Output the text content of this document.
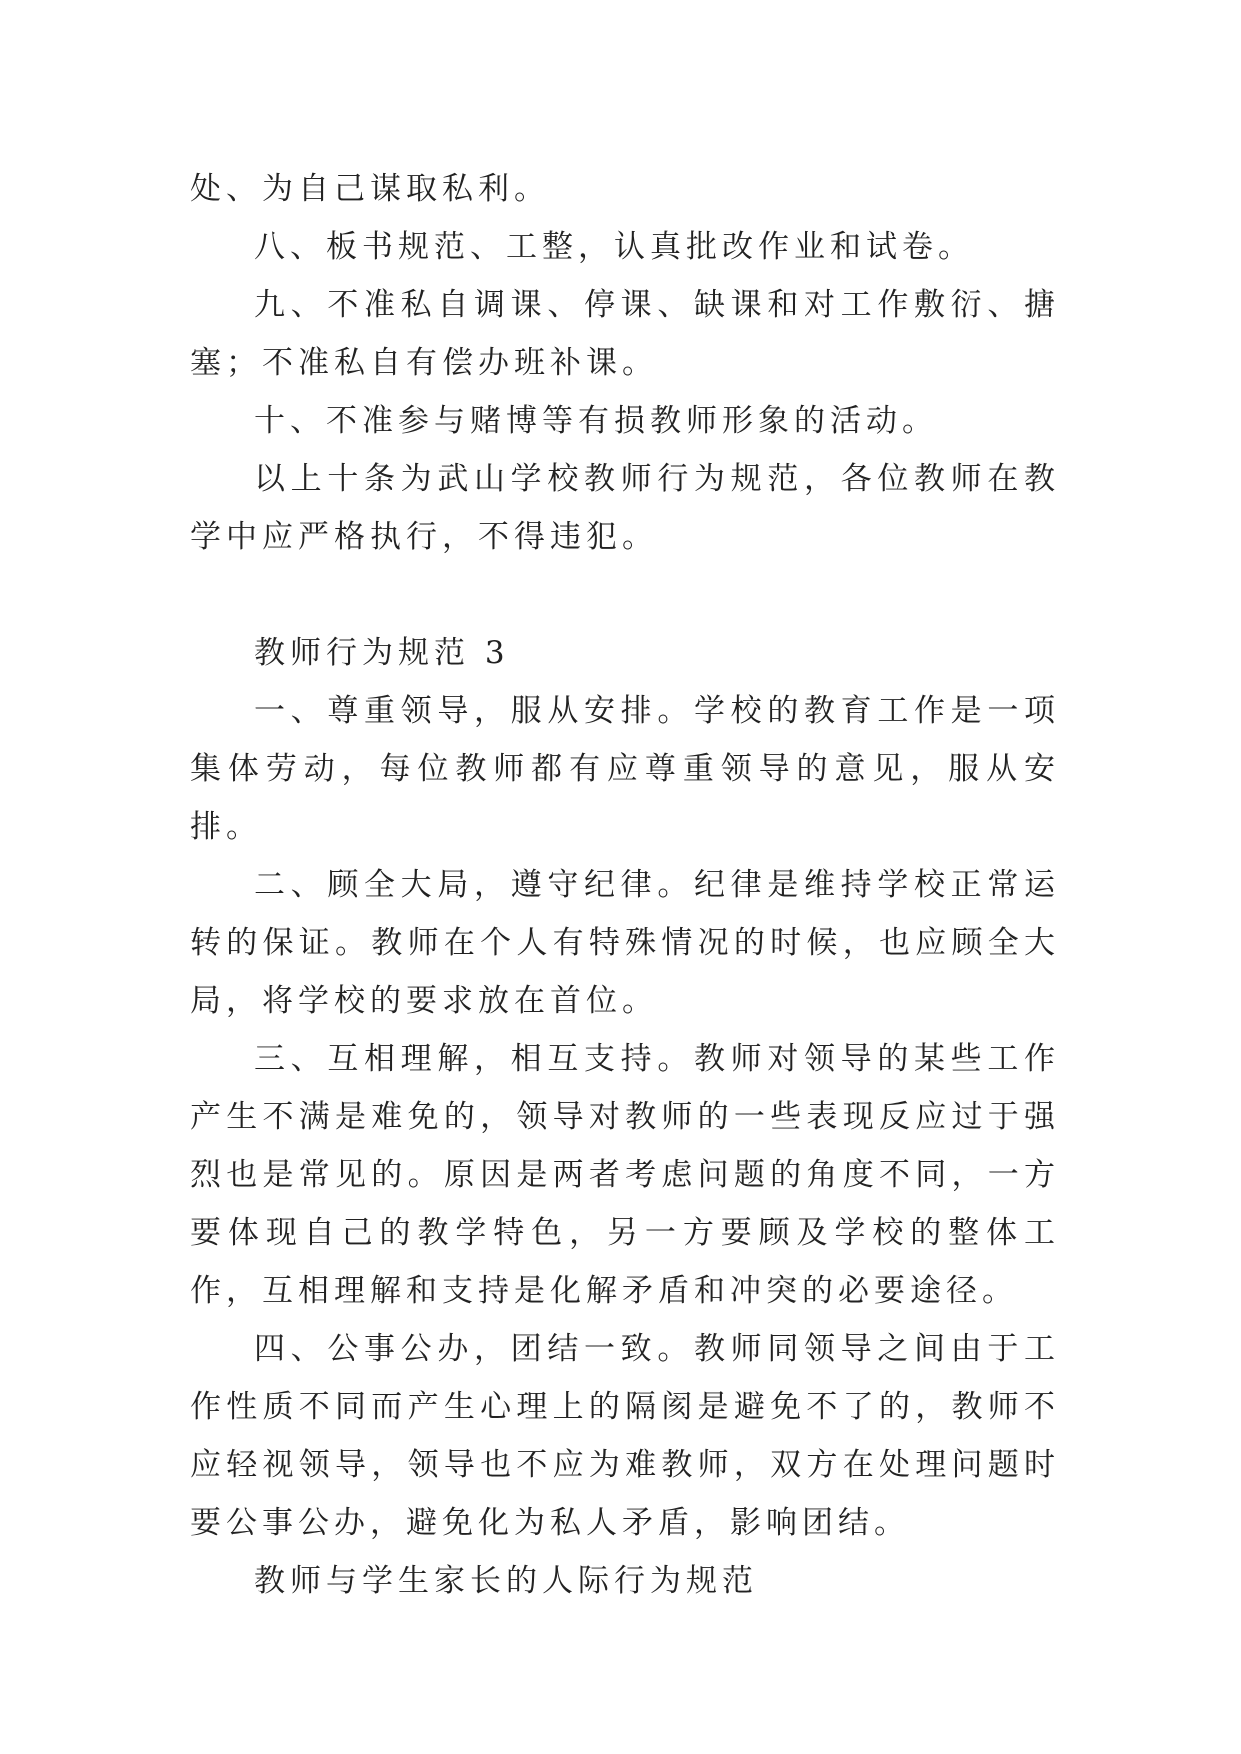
处、为自己谋取私利。

八、板书规范、工整，认真批改作业和试卷。

九、不准私自调课、停课、缺课和对工作敷衍、搪塞；不准私自有偿办班补课。

十、不准参与赌博等有损教师形象的活动。

以上十条为武山学校教师行为规范，各位教师在教学中应严格执行，不得违犯。

教师行为规范 3

一、尊重领导，服从安排。学校的教育工作是一项集体劳动，每位教师都有应尊重领导的意见，服从安排。

二、顾全大局，遵守纪律。纪律是维持学校正常运转的保证。教师在个人有特殊情况的时候，也应顾全大局，将学校的要求放在首位。

三、互相理解，相互支持。教师对领导的某些工作产生不满是难免的，领导对教师的一些表现反应过于强烈也是常见的。原因是两者考虑问题的角度不同，一方要体现自己的教学特色，另一方要顾及学校的整体工作，互相理解和支持是化解矛盾和冲突的必要途径。

四、公事公办，团结一致。教师同领导之间由于工作性质不同而产生心理上的隔阂是避免不了的，教师不应轻视领导，领导也不应为难教师，双方在处理问题时要公事公办，避免化为私人矛盾，影响团结。

教师与学生家长的人际行为规范
